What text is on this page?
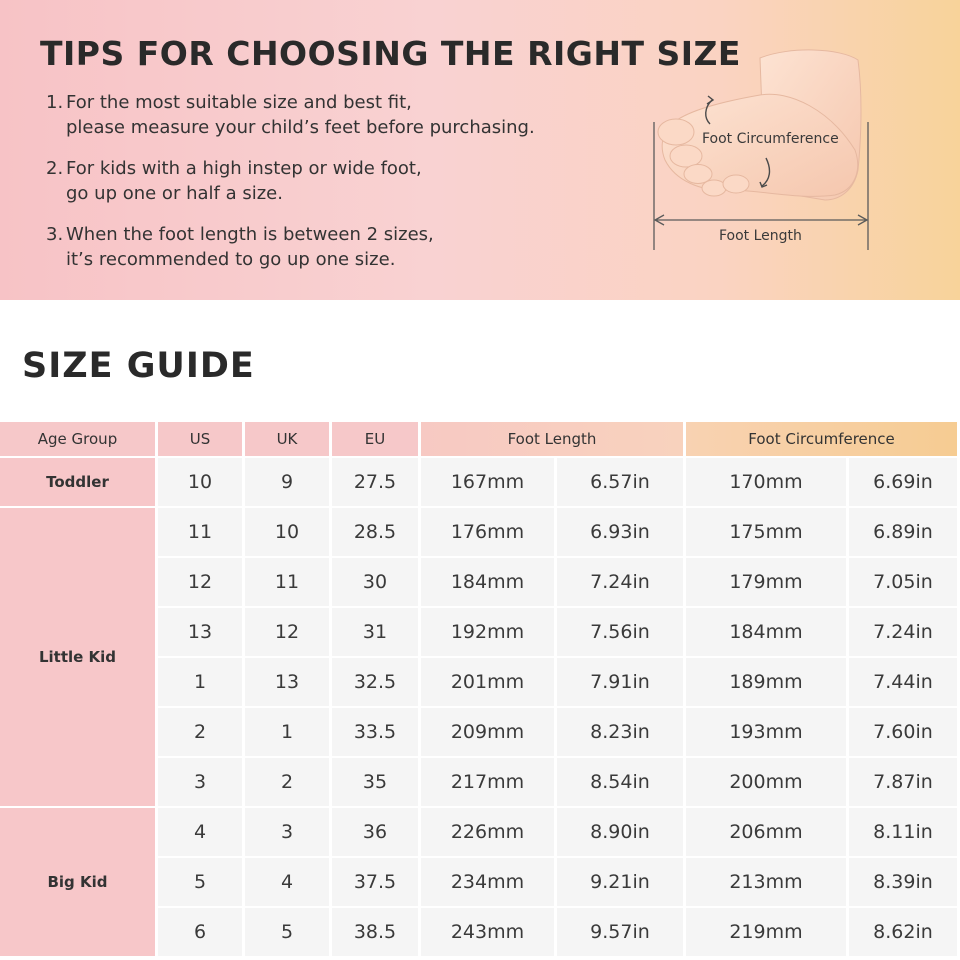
TIPS FOR CHOOSING THE RIGHT SIZE
1. For the most suitable size and best fit,
please measure your child’s feet before purchasing.
2. For kids with a high instep or wide foot,
go up one or half a size.
3. When the foot length is between 2 sizes,
it’s recommended to go up one size.
Foot Circumference
Foot Length
SIZE GUIDE
Age Group	US	UK	EU	Foot Length		Foot Circumference	
Toddler	10	9	27.5	167mm	6.57in	170mm	6.69in
Little Kid	11	10	28.5	176mm	6.93in	175mm	6.89in
	12	11	30	184mm	7.24in	179mm	7.05in
	13	12	31	192mm	7.56in	184mm	7.24in
	1	13	32.5	201mm	7.91in	189mm	7.44in
	2	1	33.5	209mm	8.23in	193mm	7.60in
	3	2	35	217mm	8.54in	200mm	7.87in
Big Kid	4	3	36	226mm	8.90in	206mm	8.11in
	5	4	37.5	234mm	9.21in	213mm	8.39in
	6	5	38.5	243mm	9.57in	219mm	8.62in
